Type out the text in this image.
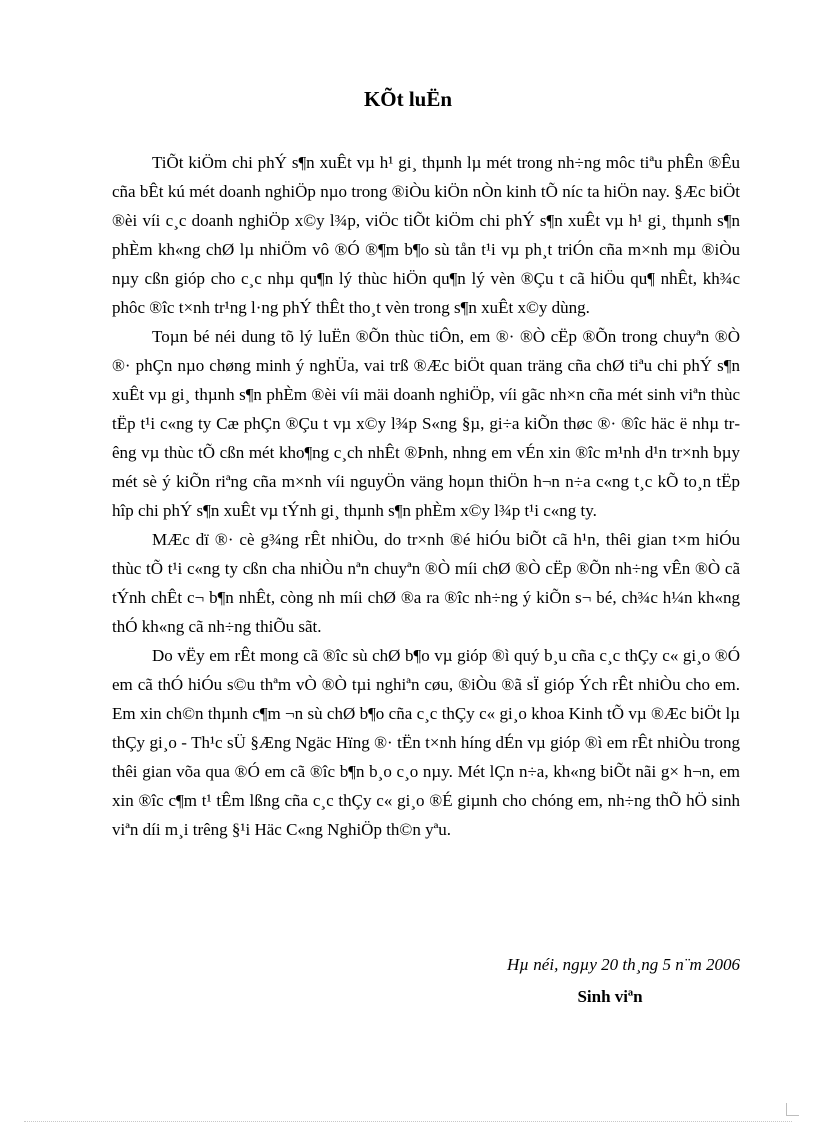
KÕt luËn

TiÕt kiÖm chi phÝ s¶n xuÊt vµ h¹ gi¸ thµnh lµ mét trong nh÷ng môc tiªu phÊn ®Êu cña bÊt kú mét doanh nghiÖp nµo trong ®iÒu kiÖn nÒn kinh tÕ níc ta hiÖn nay. §Æc biÖt ®èi víi c¸c doanh nghiÖp x©y l¾p, viÖc tiÕt kiÖm chi phÝ s¶n xuÊt vµ h¹ gi¸ thµnh s¶n phÈm kh«ng chØ lµ nhiÖm vô ®Ó ®¶m b¶o sù tån t¹i vµ ph¸t triÓn cña m×nh mµ ®iÒu nµy cßn gióp cho c¸c nhµ qu¶n lý thùc hiÖn qu¶n lý vèn ®Çu t cã hiÖu qu¶ nhÊt, kh¾c phôc ®îc t×nh tr¹ng l·ng phÝ thÊt tho¸t vèn trong s¶n xuÊt x©y dùng.

Toµn bé néi dung tõ lý luËn ®Õn thùc tiÔn, em ®· ®Ò cËp ®Õn trong chuyªn ®Ò ®· phÇn nµo chøng minh ý nghÜa, vai trß ®Æc biÖt quan träng cña chØ tiªu chi phÝ s¶n xuÊt vµ gi¸ thµnh s¶n phÈm ®èi víi mäi doanh nghiÖp, víi gãc nh×n cña mét sinh viªn thùc tËp t¹i c«ng ty Cæ phÇn ®Çu t vµ x©y l¾p S«ng §µ, gi÷a kiÕn thøc ®· ®îc häc ë nhµ trêng vµ thùc tÕ cßn mét kho¶ng c¸ch nhÊt ®Þnh, nhng em vÉn xin ®îc m¹nh d¹n tr×nh bµy mét sè ý kiÕn riªng cña m×nh víi nguyÖn väng hoµn thiÖn h¬n n÷a c«ng t¸c kÕ to¸n tËp hîp chi phÝ s¶n xuÊt vµ tÝnh gi¸ thµnh s¶n phÈm x©y l¾p t¹i c«ng ty.

MÆc dï ®· cè g¾ng rÊt nhiÒu, do tr×nh ®é hiÓu biÕt cã h¹n, thêi gian t×m hiÓu thùc tÕ t¹i c«ng ty cßn cha nhiÒu nªn chuyªn ®Ò míi chØ ®Ò cËp ®Õn nh÷ng vÊn ®Ò cã tÝnh chÊt c¬ b¶n nhÊt, còng nh míi chØ ®a ra ®îc nh÷ng ý kiÕn s¬ bé, ch¾c h¼n kh«ng thÓ kh«ng cã nh÷ng thiÕu sãt.

Do vËy em rÊt mong cã ®îc sù chØ b¶o vµ gióp ®ì quý b¸u cña c¸c thÇy c« gi¸o ®Ó em cã thÓ hiÓu s©u thªm vÒ ®Ò tµi nghiªn cøu, ®iÒu ®ã sÏ gióp Ých rÊt nhiÒu cho em. Em xin ch©n thµnh c¶m ¬n sù chØ b¶o cña c¸c thÇy c« gi¸o khoa Kinh tÕ vµ ®Æc biÖt lµ thÇy gi¸o - Th¹c sÜ §Æng Ngäc Hïng ®· tËn t×nh híng dÉn vµ gióp ®ì em rÊt nhiÒu trong thêi gian võa qua ®Ó em cã ®îc b¶n b¸o c¸o nµy. Mét lÇn n÷a, kh«ng biÕt nãi g× h¬n, em xin ®îc c¶m t¹ tÊm lßng cña c¸c thÇy c« gi¸o ®É giµnh cho chóng em, nh÷ng thÕ hÖ sinh viªn díi m¸i trêng §¹i Häc C«ng NghiÖp th©n yªu.

Hµ néi, ngµy 20 th¸ng 5 n¨m 2006
Sinh viªn
